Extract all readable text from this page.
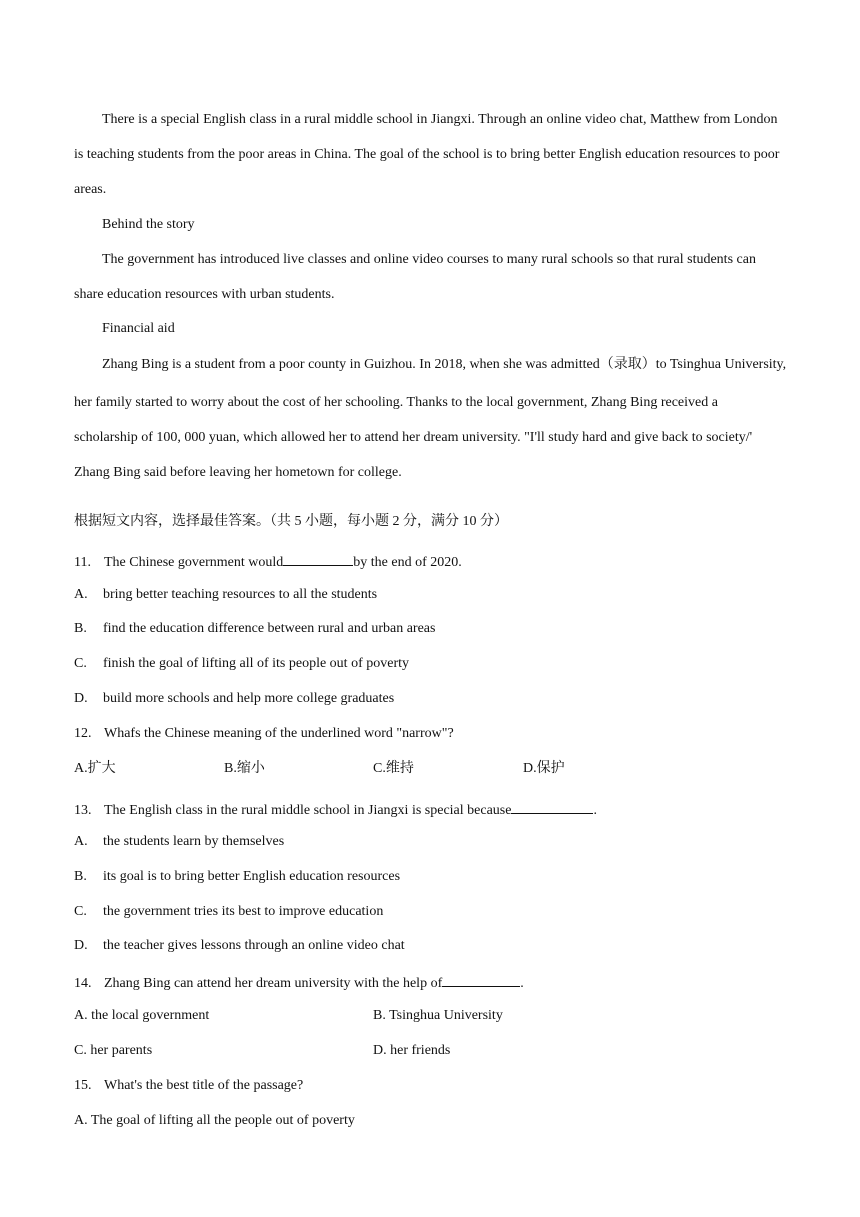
There is a special English class in a rural middle school in Jiangxi. Through an online video chat, Matthew from London
is teaching students from the poor areas in China. The goal of the school is to bring better English education resources to poor
areas.
Behind the story
The government has introduced live classes and online video courses to many rural schools so that rural students can
share education resources with urban students.
Financial aid
Zhang Bing is a student from a poor county in Guizhou. In 2018, when she was admitted（录取）to Tsinghua University,
her family started to worry about the cost of her schooling. Thanks to the local government, Zhang Bing received a
scholarship of 100, 000 yuan, which allowed her to attend her dream university. "I'll study hard and give back to society/'
Zhang Bing said before leaving her hometown for college.
根据短文内容，选择最佳答案。（共 5 小题，每小题 2 分，满分 10 分）
11. The Chinese government would	by the end of 2020.
A. bring better teaching resources to all the students
B. find the education difference between rural and urban areas
C. finish the goal of lifting all of its people out of poverty
D. build more schools and help more college graduates
12. Whafs the Chinese meaning of the underlined word "narrow"?
A.扩大	B.缩小	C.维持	D.保护
13. The English class in the rural middle school in Jiangxi is special because	.
A. the students learn by themselves
B. its goal is to bring better English education resources
C. the government tries its best to improve education
D. the teacher gives lessons through an online video chat
14. Zhang Bing can attend her dream university with the help of	.
A. the local government	B. Tsinghua University
C. her parents	D. her friends
15. What's the best title of the passage?
A. The goal of lifting all the people out of poverty
